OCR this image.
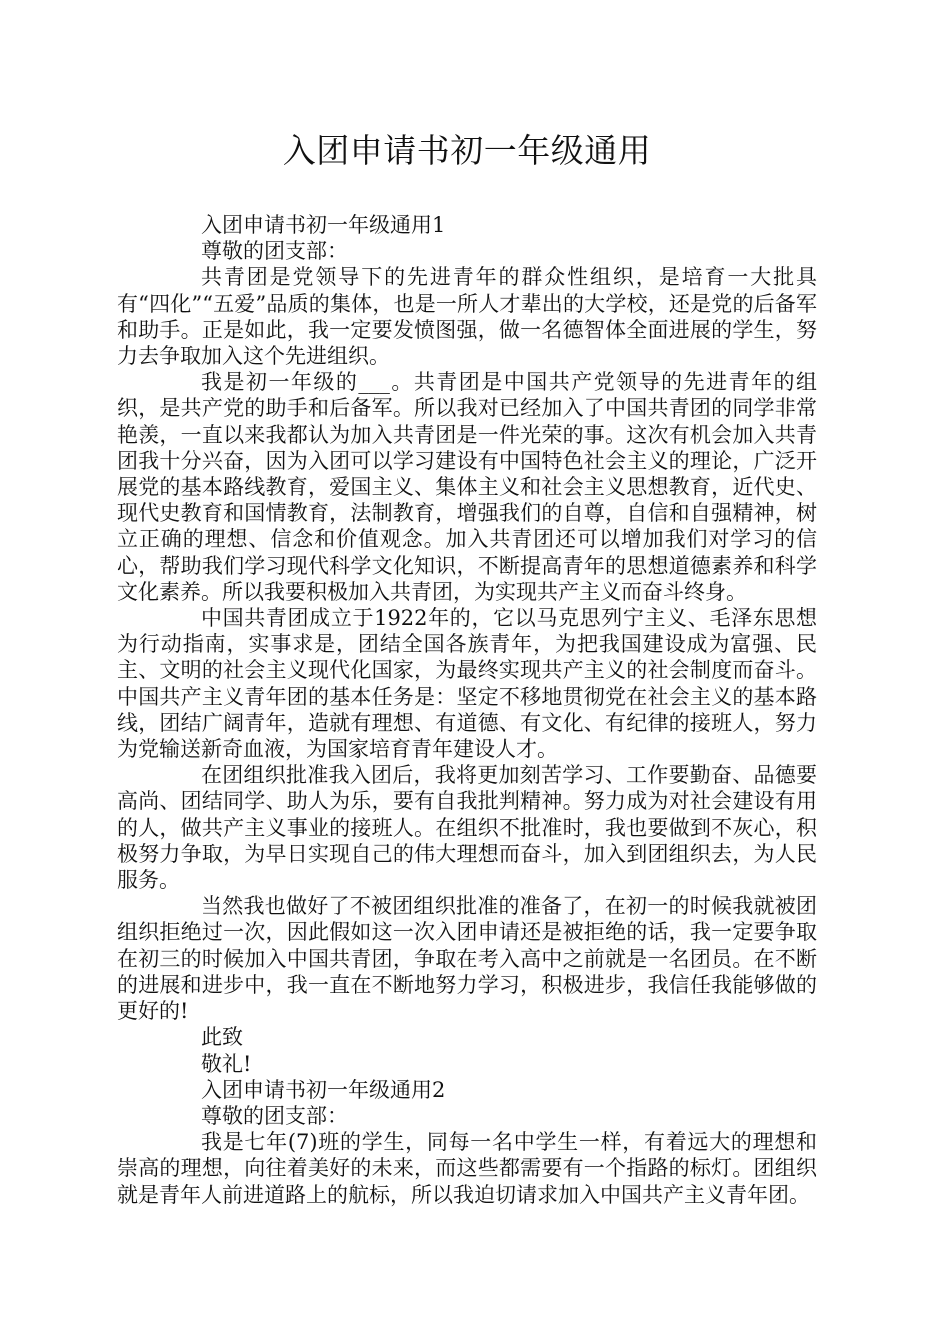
入团申请书初一年级通用

入团申请书初一年级通用1

尊敬的团支部：

共青团是党领导下的先进青年的群众性组织，是培育一大批具有“四化”“五爱”品质的集体，也是一所人才辈出的大学校，还是党的后备军和助手。正是如此，我一定要发愤图强，做一名德智体全面进展的学生，努力去争取加入这个先进组织。

我是初一年级的___。共青团是中国共产党领导的先进青年的组织，是共产党的助手和后备军。所以我对已经加入了中国共青团的同学非常艳羡，一直以来我都认为加入共青团是一件光荣的事。这次有机会加入共青团我十分兴奋，因为入团可以学习建设有中国特色社会主义的理论，广泛开展党的基本路线教育，爱国主义、集体主义和社会主义思想教育，近代史、现代史教育和国情教育，法制教育，增强我们的自尊，自信和自强精神，树立正确的理想、信念和价值观念。加入共青团还可以增加我们对学习的信心，帮助我们学习现代科学文化知识，不断提高青年的思想道德素养和科学文化素养。所以我要积极加入共青团，为实现共产主义而奋斗终身。

中国共青团成立于1922年的，它以马克思列宁主义、毛泽东思想为行动指南，实事求是，团结全国各族青年，为把我国建设成为富强、民主、文明的社会主义现代化国家，为最终实现共产主义的社会制度而奋斗。中国共产主义青年团的基本任务是：坚定不移地贯彻党在社会主义的基本路线，团结广阔青年，造就有理想、有道德、有文化、有纪律的接班人，努力为党输送新奇血液，为国家培育青年建设人才。

在团组织批准我入团后，我将更加刻苦学习、工作要勤奋、品德要高尚、团结同学、助人为乐，要有自我批判精神。努力成为对社会建设有用的人，做共产主义事业的接班人。在组织不批准时，我也要做到不灰心，积极努力争取，为早日实现自己的伟大理想而奋斗，加入到团组织去，为人民服务。

当然我也做好了不被团组织批准的准备了，在初一的时候我就被团组织拒绝过一次，因此假如这一次入团申请还是被拒绝的话，我一定要争取在初三的时候加入中国共青团，争取在考入高中之前就是一名团员。在不断的进展和进步中，我一直在不断地努力学习，积极进步，我信任我能够做的更好的!

此致

敬礼!

入团申请书初一年级通用2

尊敬的团支部：

我是七年(7)班的学生，同每一名中学生一样，有着远大的理想和崇高的理想，向往着美好的未来，而这些都需要有一个指路的标灯。团组织就是青年人前进道路上的航标，所以我迫切请求加入中国共产主义青年团。
